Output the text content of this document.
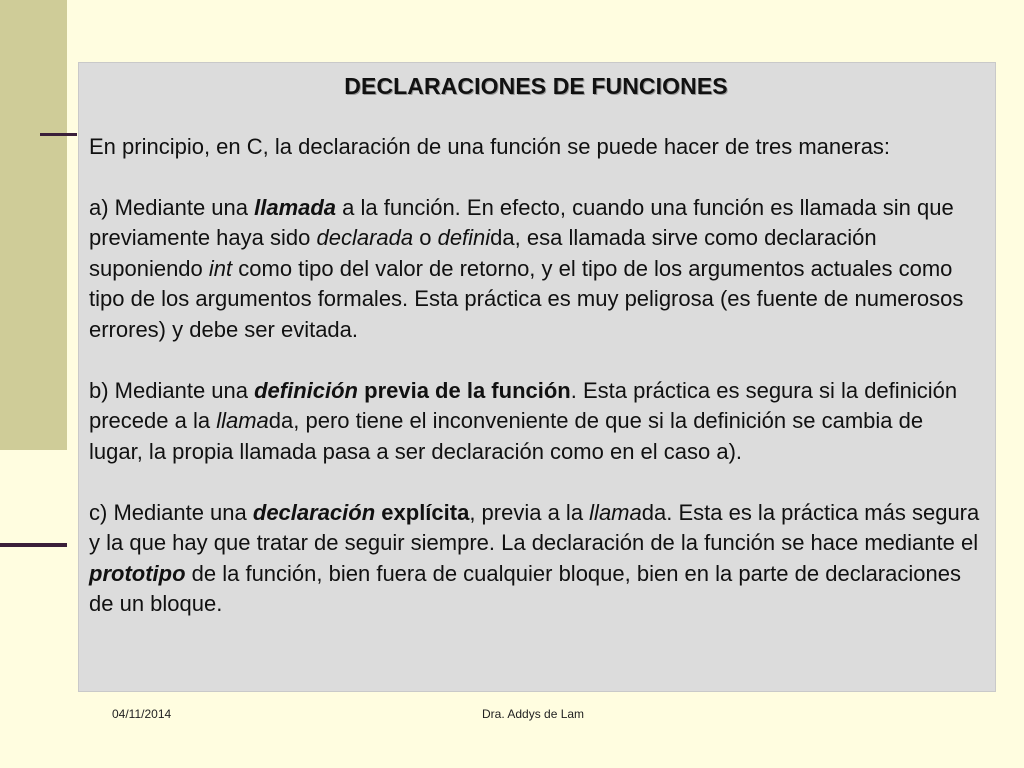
DECLARACIONES DE FUNCIONES

En principio, en C, la declaración de una función se puede hacer de tres maneras:

a) Mediante una llamada a la función. En efecto, cuando una función es llamada sin que previamente haya sido declarada o definida, esa llamada sirve como declaración suponiendo int como tipo del valor de retorno, y el tipo de los argumentos actuales como tipo de los argumentos formales. Esta práctica es muy peligrosa (es fuente de numerosos errores) y debe ser evitada.

b) Mediante una definición previa de la función. Esta práctica es segura si la definición precede a la llamada, pero tiene el inconveniente de que si la definición se cambia de lugar, la propia llamada pasa a ser declaración como en el caso a).

c) Mediante una declaración explícita, previa a la llamada. Esta es la práctica más segura y la que hay que tratar de seguir siempre. La declaración de la función se hace mediante el prototipo de la función, bien fuera de cualquier bloque, bien en la parte de declaraciones de un bloque.

04/11/2014	Dra. Addys de Lam
